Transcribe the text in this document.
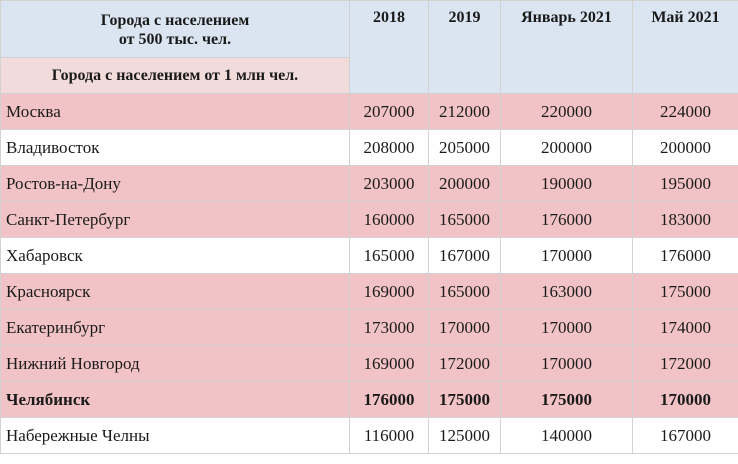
Города с населением
от 500 тыс. чел.	2018	2019	Январь 2021	Май 2021
Города с населением от 1 млн чел.				
Москва	207000	212000	220000	224000
Владивосток	208000	205000	200000	200000
Ростов-на-Дону	203000	200000	190000	195000
Санкт-Петербург	160000	165000	176000	183000
Хабаровск	165000	167000	170000	176000
Красноярск	169000	165000	163000	175000
Екатеринбург	173000	170000	170000	174000
Нижний Новгород	169000	172000	170000	172000
Челябинск	176000	175000	175000	170000
Набережные Челны	116000	125000	140000	167000
